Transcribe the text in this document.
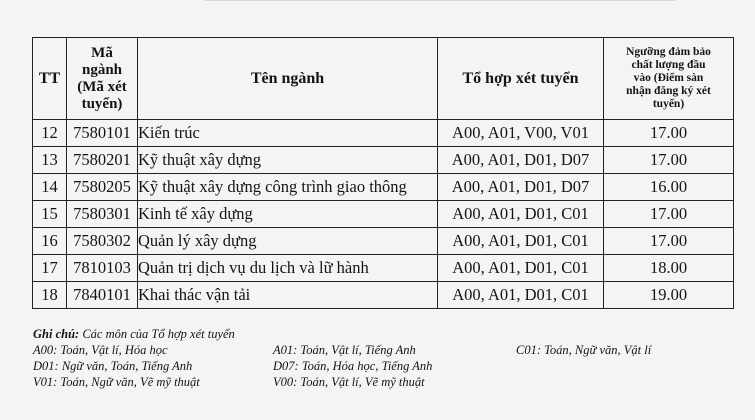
TT	Mã
ngành
(Mã xét
tuyển)	Tên ngành	Tổ hợp xét tuyển	Ngưỡng đảm bảo
chất lượng đầu
vào (Điểm sàn
nhận đăng ký xét
tuyển)
12	7580101	Kiến trúc	A00, A01, V00, V01	17.00
13	7580201	Kỹ thuật xây dựng	A00, A01, D01, D07	17.00
14	7580205	Kỹ thuật xây dựng công trình giao thông	A00, A01, D01, D07	16.00
15	7580301	Kinh tế xây dựng	A00, A01, D01, C01	17.00
16	7580302	Quản lý xây dựng	A00, A01, D01, C01	17.00
17	7810103	Quản trị dịch vụ du lịch và lữ hành	A00, A01, D01, C01	18.00
18	7840101	Khai thác vận tải	A00, A01, D01, C01	19.00
Ghi chú: Các môn của Tổ hợp xét tuyển
A00: Toán, Vật lí, Hóa học	A01: Toán, Vật lí, Tiếng Anh	C01: Toán, Ngữ văn, Vật lí
D01: Ngữ văn, Toán, Tiếng Anh	D07: Toán, Hóa học, Tiếng Anh
V01: Toán, Ngữ văn, Vẽ mỹ thuật	V00: Toán, Vật lí, Vẽ mỹ thuật
